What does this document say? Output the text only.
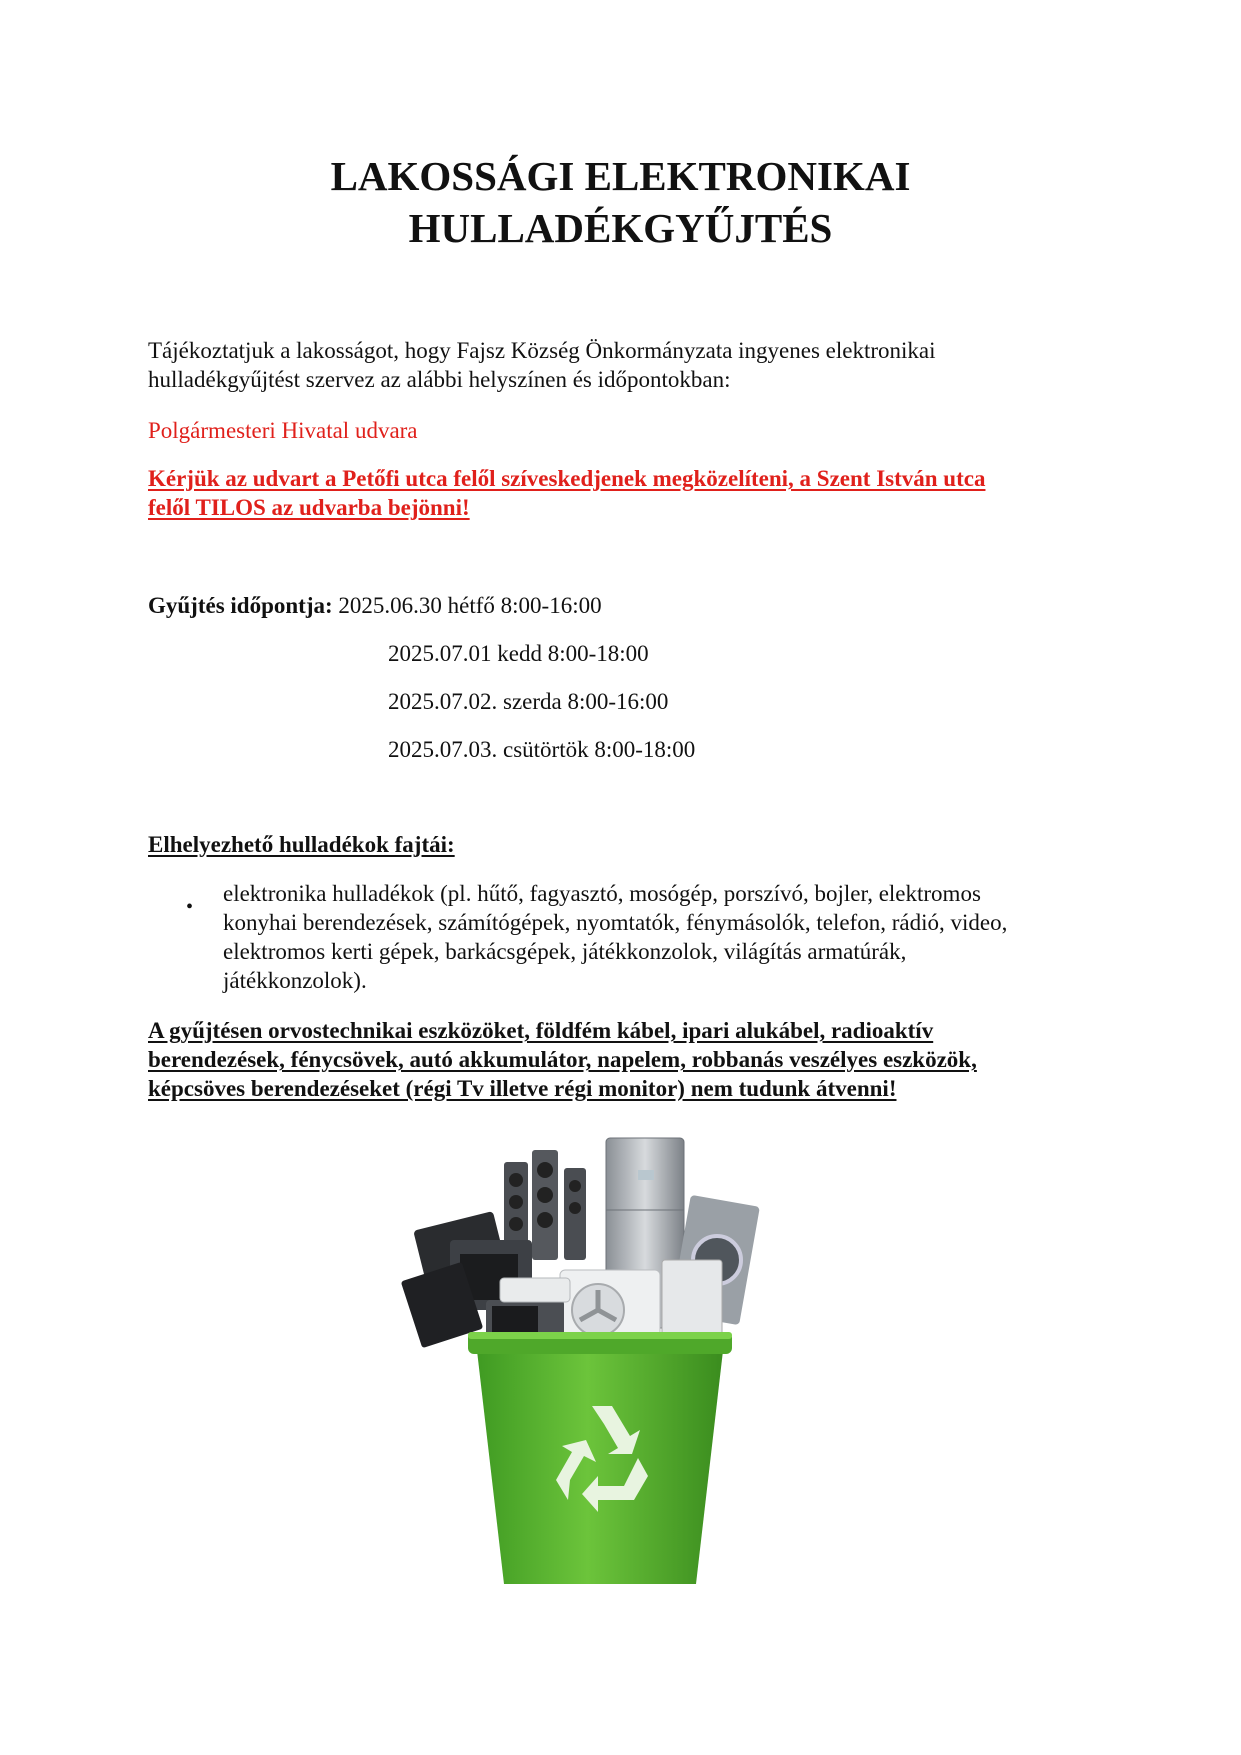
LAKOSSÁGI ELEKTRONIKAI
HULLADÉKGYŰJTÉS
Tájékoztatjuk a lakosságot, hogy Fajsz Község Önkormányzata ingyenes elektronikai
hulladékgyűjtést szervez az alábbi helyszínen és időpontokban:
Polgármesteri Hivatal udvara
Kérjük az udvart a Petőfi utca felől szíveskedjenek megközelíteni, a Szent István utca
felől TILOS az udvarba bejönni!
Gyűjtés időpontja: 2025.06.30 hétfő 8:00-16:00
2025.07.01 kedd 8:00-18:00
2025.07.02. szerda 8:00-16:00
2025.07.03. csütörtök 8:00-18:00
Elhelyezhető hulladékok fajtái:
•
elektronika hulladékok (pl. hűtő, fagyasztó, mosógép, porszívó, bojler, elektromos
konyhai berendezések, számítógépek, nyomtatók, fénymásolók, telefon, rádió, video,
elektromos kerti gépek, barkácsgépek, játékkonzolok, világítás armatúrák,
játékkonzolok).
A gyűjtésen orvostechnikai eszközöket, földfém kábel, ipari alukábel, radioaktív
berendezések, fénycsövek, autó akkumulátor, napelem, robbanás veszélyes eszközök,
képcsöves berendezéseket (régi Tv illetve régi monitor) nem tudunk átvenni!
